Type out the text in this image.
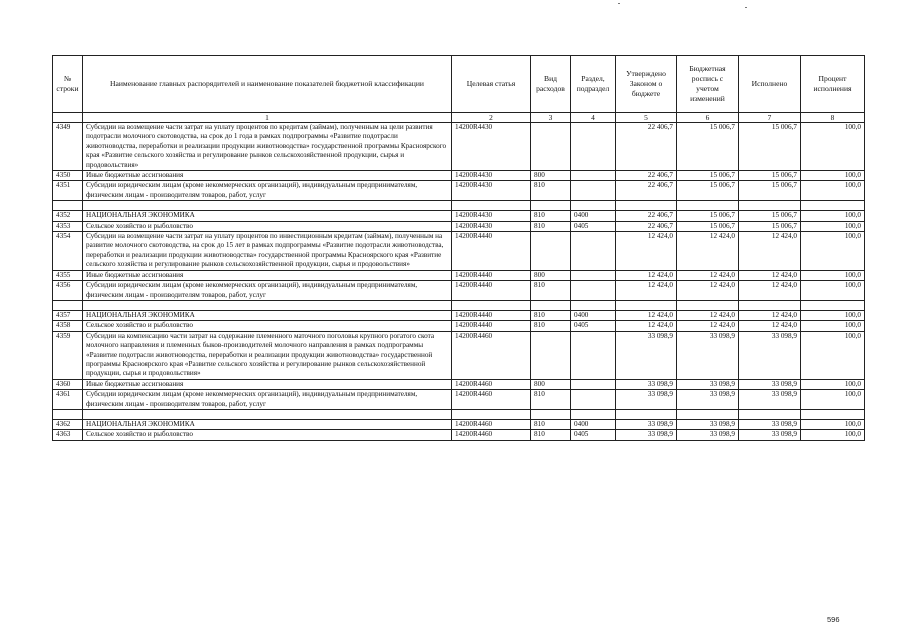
№ строки	Наименование главных распорядителей и наименование показателей бюджетной классификации	Целевая статья	Вид расходов	Раздел, подраздел	Утверждено Законом о бюджете	Бюджетная роспись с учетом изменений	Исполнено	Процент исполнения
	1	2	3	4	5	6	7	8
4349	Субсидии на возмещение части затрат на уплату процентов по кредитам (займам), полученным на цели развития подотрасли молочного скотоводства, на срок до 1 года в рамках подпрограммы «Развитие подотрасли животноводства, переработки и реализации продукции животноводства» государственной программы Красноярского края «Развитие сельского хозяйства и регулирование рынков сельскохозяйственной продукции, сырья и продовольствия»	14200R4430			22 406,7	15 006,7	15 006,7	100,0
4350	Иные бюджетные ассигнования	14200R4430	800		22 406,7	15 006,7	15 006,7	100,0
4351	Субсидии юридическим лицам (кроме некоммерческих организаций), индивидуальным предпринимателям, физическим лицам - производителям товаров, работ, услуг	14200R4430	810		22 406,7	15 006,7	15 006,7	100,0

4352	НАЦИОНАЛЬНАЯ ЭКОНОМИКА	14200R4430	810	0400	22 406,7	15 006,7	15 006,7	100,0
4353	Сельское хозяйство и рыболовство	14200R4430	810	0405	22 406,7	15 006,7	15 006,7	100,0
4354	Субсидии на возмещение части затрат на уплату процентов по инвестиционным кредитам (займам), полученным на развитие молочного скотоводства, на срок до 15 лет в рамках подпрограммы «Развитие подотрасли животноводства, переработки и реализации продукции животноводства» государственной программы Красноярского края «Развитие сельского хозяйства и регулирование рынков сельскохозяйственной продукции, сырья и продовольствия»	14200R4440			12 424,0	12 424,0	12 424,0	100,0
4355	Иные бюджетные ассигнования	14200R4440	800		12 424,0	12 424,0	12 424,0	100,0
4356	Субсидии юридическим лицам (кроме некоммерческих организаций), индивидуальным предпринимателям, физическим лицам - производителям товаров, работ, услуг	14200R4440	810		12 424,0	12 424,0	12 424,0	100,0

4357	НАЦИОНАЛЬНАЯ ЭКОНОМИКА	14200R4440	810	0400	12 424,0	12 424,0	12 424,0	100,0
4358	Сельское хозяйство и рыболовство	14200R4440	810	0405	12 424,0	12 424,0	12 424,0	100,0
4359	Субсидии на компенсацию части затрат на содержание племенного маточного поголовья крупного рогатого скота молочного направления и племенных быков-производителей молочного направления в рамках подпрограммы «Развитие подотрасли животноводства, переработки и реализации продукции животноводства» государственной программы Красноярского края «Развитие сельского хозяйства и регулирование рынков сельскохозяйственной продукции, сырья и продовольствия»	14200R4460			33 098,9	33 098,9	33 098,9	100,0
4360	Иные бюджетные ассигнования	14200R4460	800		33 098,9	33 098,9	33 098,9	100,0
4361	Субсидии юридическим лицам (кроме некоммерческих организаций), индивидуальным предпринимателям, физическим лицам - производителям товаров, работ, услуг	14200R4460	810		33 098,9	33 098,9	33 098,9	100,0

4362	НАЦИОНАЛЬНАЯ ЭКОНОМИКА	14200R4460	810	0400	33 098,9	33 098,9	33 098,9	100,0
4363	Сельское хозяйство и рыболовство	14200R4460	810	0405	33 098,9	33 098,9	33 098,9	100,0
596
